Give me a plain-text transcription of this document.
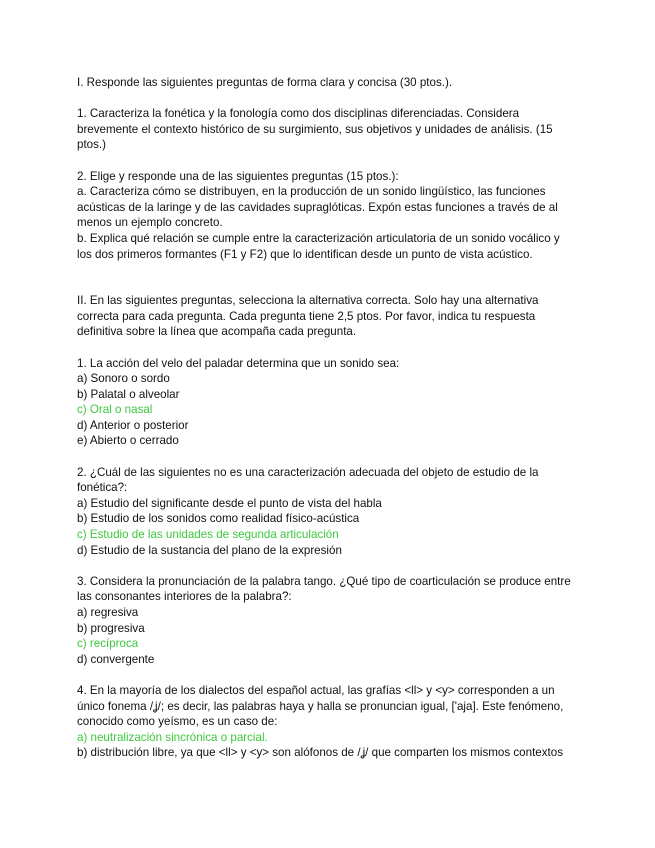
I. Responde las siguientes preguntas de forma clara y concisa (30 ptos.).

1. Caracteriza la fonética y la fonología como dos disciplinas diferenciadas. Considera brevemente el contexto histórico de su surgimiento, sus objetivos y unidades de análisis. (15 ptos.)

2. Elige y responde una de las siguientes preguntas (15 ptos.):

a. Caracteriza cómo se distribuyen, en la producción de un sonido lingüístico, las funciones acústicas de la laringe y de las cavidades supraglóticas. Expón estas funciones a través de al menos un ejemplo concreto.

b. Explica qué relación se cumple entre la caracterización articulatoria de un sonido vocálico y los dos primeros formantes (F1 y F2) que lo identifican desde un punto de vista acústico.

II. En las siguientes preguntas, selecciona la alternativa correcta. Solo hay una alternativa correcta para cada pregunta. Cada pregunta tiene 2,5 ptos. Por favor, indica tu respuesta definitiva sobre la línea que acompaña cada pregunta.

1. La acción del velo del paladar determina que un sonido sea:

a) Sonoro o sordo

b) Palatal o alveolar

c) Oral o nasal

d) Anterior o posterior

e) Abierto o cerrado

2. ¿Cuál de las siguientes no es una caracterización adecuada del objeto de estudio de la fonética?:

a) Estudio del significante desde el punto de vista del habla

b) Estudio de los sonidos como realidad físico-acústica

c) Estudio de las unidades de segunda articulación

d) Estudio de la sustancia del plano de la expresión

3. Considera la pronunciación de la palabra tango. ¿Qué tipo de coarticulación se produce entre las consonantes interiores de la palabra?:

a) regresiva

b) progresiva

c) recíproca

d) convergente

4. En la mayoría de los dialectos del español actual, las grafías <ll> y <y> corresponden a un único fonema /ʝ/; es decir, las palabras haya y halla se pronuncian igual, ['aja]. Este fenómeno, conocido como yeísmo, es un caso de:

a) neutralización sincrónica o parcial.

b) distribución libre, ya que <ll> y <y> son alófonos de /ʝ/ que comparten los mismos contextos
